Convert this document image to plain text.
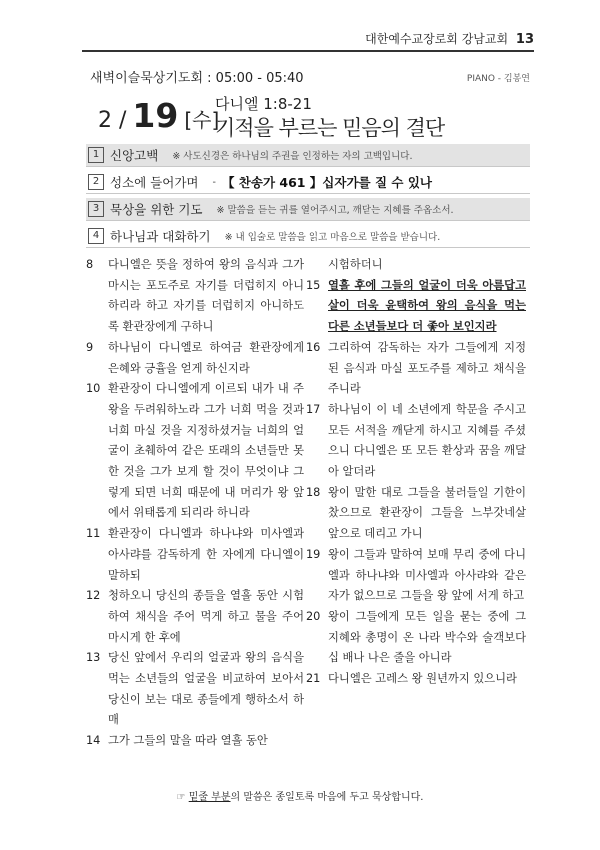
대한예수교장로회 강남교회 13
새벽이슬묵상기도회 : 05:00 - 05:40	PIANO - 김봉연
2 / 19 [수]
다니엘 1:8-21
기적을 부르는 믿음의 결단
1 신앙고백 ※ 사도신경은 하나님의 주권을 인정하는 자의 고백입니다.
2 성소에 들어가며 - 【 찬송가 461 】십자가를 질 수 있나
3 묵상을 위한 기도 ※ 말씀을 듣는 귀를 열어주시고, 깨닫는 지혜를 주옵소서.
4 하나님과 대화하기 ※ 내 입술로 말씀을 읽고 마음으로 말씀을 받습니다.
8	다니엘은 뜻을 정하여 왕의 음식과 그가 마시는 포도주로 자기를 더럽히지 아니하리라 하고 자기를 더럽히지 아니하도록 환관장에게 구하니
9	하나님이 다니엘로 하여금 환관장에게 은혜와 긍휼을 얻게 하신지라
10 환관장이 다니엘에게 이르되 내가 내 주 왕을 두려워하노라 그가 너희 먹을 것과 너희 마실 것을 지정하셨거늘 너희의 얼굴이 초췌하여 같은 또래의 소년들만 못한 것을 그가 보게 할 것이 무엇이냐 그렇게 되면 너희 때문에 내 머리가 왕 앞에서 위태롭게 되리라 하니라
11 환관장이 다니엘과 하나냐와 미사엘과 아사랴를 감독하게 한 자에게 다니엘이 말하되
12 청하오니 당신의 종들을 열흘 동안 시험하여 채식을 주어 먹게 하고 물을 주어 마시게 한 후에
13 당신 앞에서 우리의 얼굴과 왕의 음식을 먹는 소년들의 얼굴을 비교하여 보아서 당신이 보는 대로 종들에게 행하소서 하매
14 그가 그들의 말을 따라 열흘 동안
시험하더니
15 열흘 후에 그들의 얼굴이 더욱 아름답고 살이 더욱 윤택하여 왕의 음식을 먹는 다른 소년들보다 더 좋아 보인지라
16 그리하여 감독하는 자가 그들에게 지정된 음식과 마실 포도주를 제하고 채식을 주니라
17 하나님이 이 네 소년에게 학문을 주시고 모든 서적을 깨닫게 하시고 지혜를 주셨으니 다니엘은 또 모든 환상과 꿈을 깨달아 알더라
18 왕이 말한 대로 그들을 불러들일 기한이 찼으므로 환관장이 그들을 느부갓네살 앞으로 데리고 가니
19 왕이 그들과 말하여 보매 무리 중에 다니엘과 하나냐와 미사엘과 아사랴와 같은 자가 없으므로 그들을 왕 앞에 서게 하고
20 왕이 그들에게 모든 일을 묻는 중에 그 지혜와 총명이 온 나라 박수와 술객보다 십 배나 나은 줄을 아니라
21 다니엘은 고레스 왕 원년까지 있으니라
☞ 밑줄 부분의 말씀은 종일토록 마음에 두고 묵상합니다.
